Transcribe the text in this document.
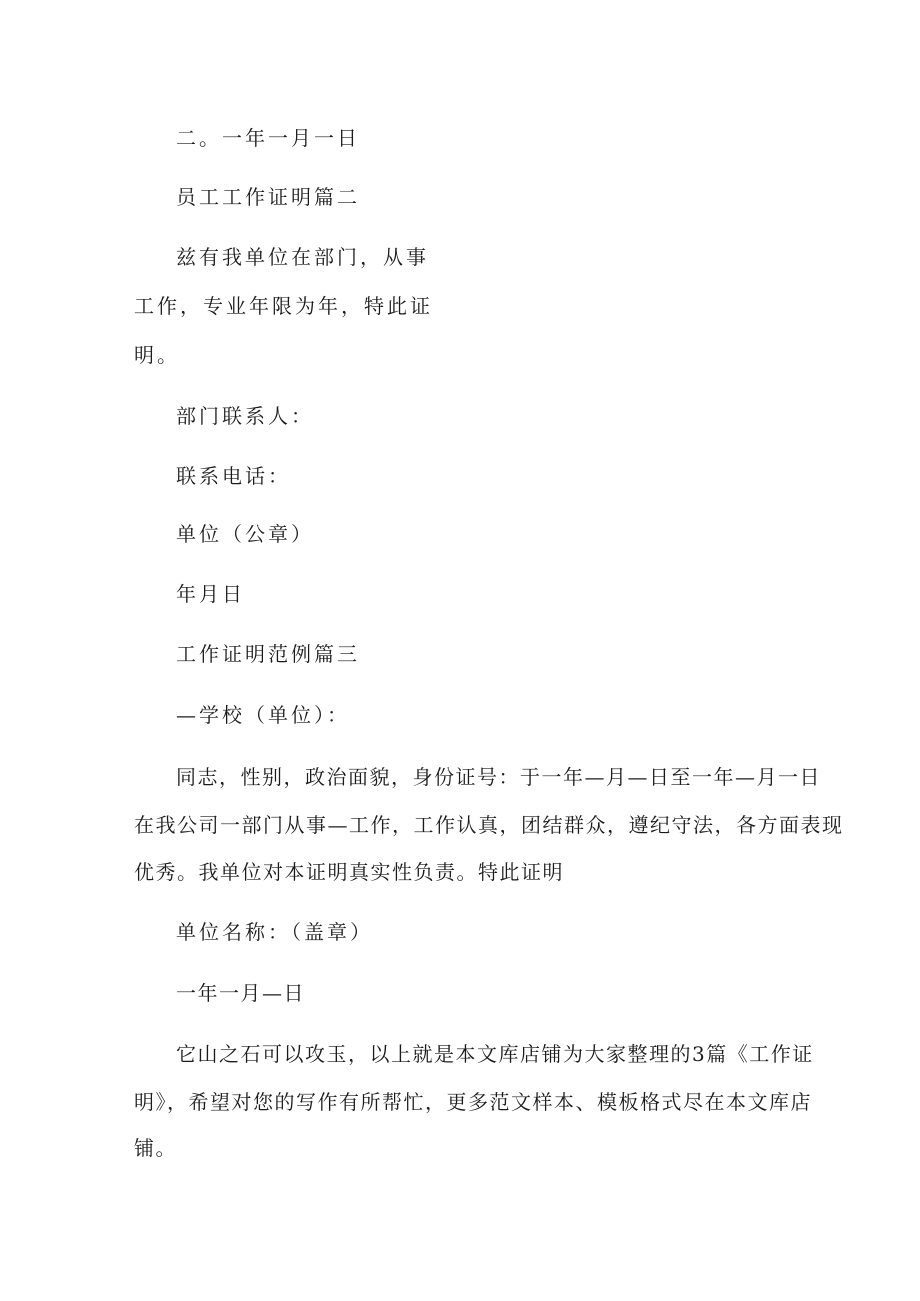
二。一年一月一日
员工工作证明篇二
兹有我单位在部门，从事
工作，专业年限为年，特此证
明。
部门联系人：
联系电话：
单位（公章）
年月日
工作证明范例篇三
—学校（单位）：
同志，性别，政治面貌，身份证号：于一年—月—日至一年—月一日
在我公司一部门从事—工作，工作认真，团结群众，遵纪守法，各方面表现
优秀。我单位对本证明真实性负责。特此证明
单位名称：（盖章）
一年一月—日
它山之石可以攻玉，以上就是本文库店铺为大家整理的3篇《工作证
明》，希望对您的写作有所帮忙，更多范文样本、模板格式尽在本文库店
铺。
